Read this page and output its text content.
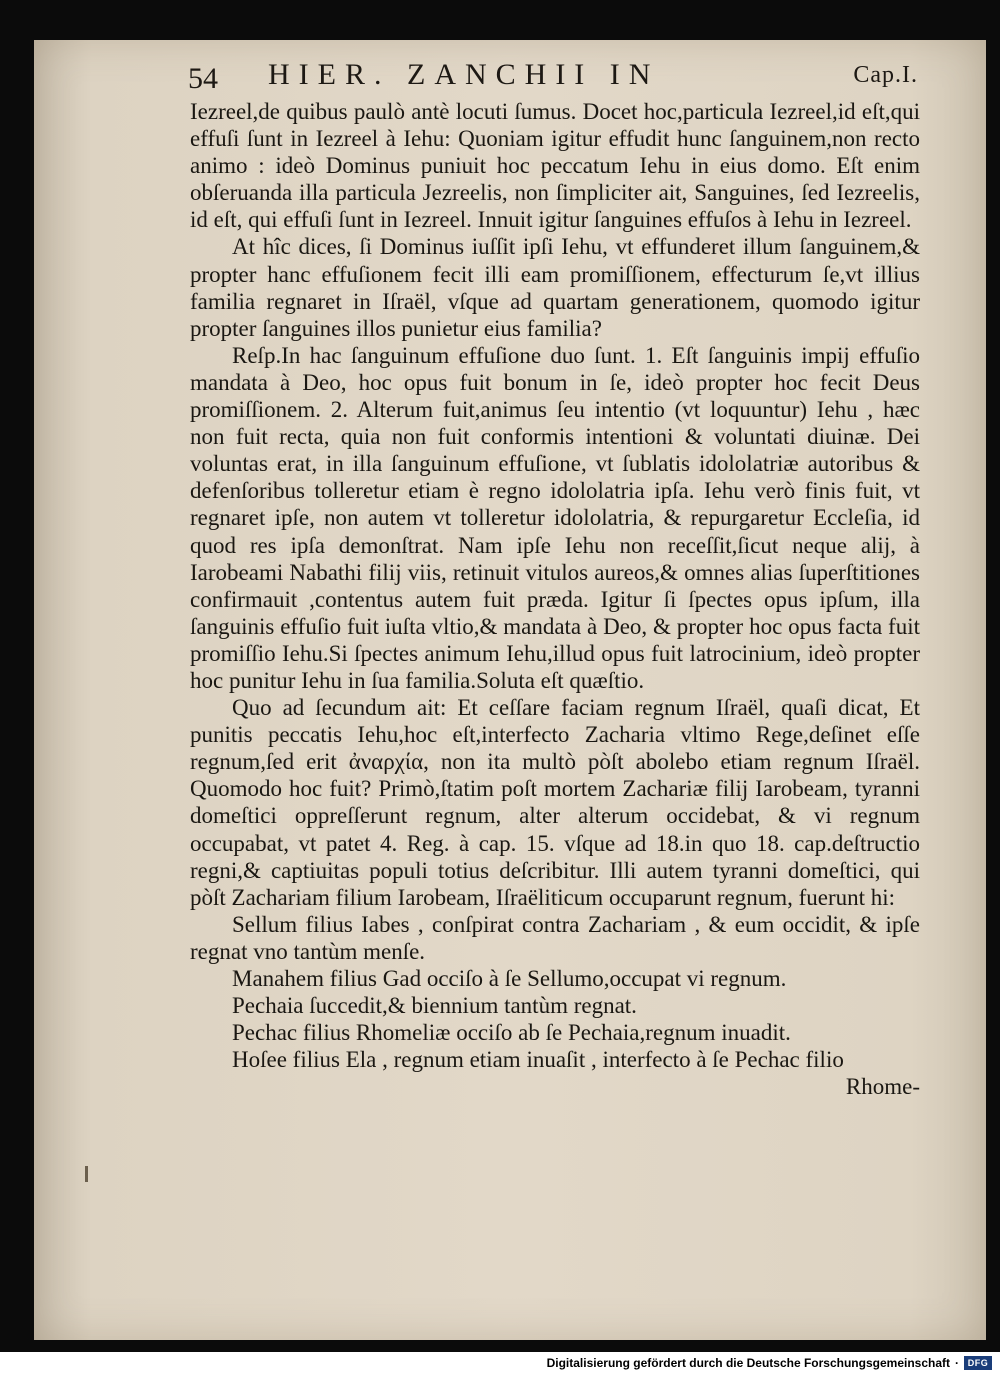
54 HIER. ZANCHII IN	Cap.I.

Iezreel,de quibus paulò antè locuti ſumus. Docet hoc,particula Iezreel,id eſt,qui effuſi ſunt in Iezreel à Iehu: Quoniam igitur effudit hunc ſanguinem,non recto animo : ideò Dominus puniuit hoc peccatum Iehu in eius domo. Eſt enim obſeruanda illa particula Jezreelis, non ſimpliciter ait, Sanguines, ſed Iezreelis, id eſt, qui effuſi ſunt in Iezreel. Innuit igitur ſanguines effuſos à Iehu in Iezreel.

At hîc dices, ſi Dominus iuſſit ipſi Iehu, vt effunderet illum ſanguinem,& propter hanc effuſionem fecit illi eam promiſſionem, effecturum ſe,vt illius familia regnaret in Iſraël, vſque ad quartam generationem, quomodo igitur propter ſanguines illos punietur eius familia?

Reſp.In hac ſanguinum effuſione duo ſunt. 1. Eſt ſanguinis impij effuſio mandata à Deo, hoc opus fuit bonum in ſe, ideò propter hoc fecit Deus promiſſionem. 2. Alterum fuit,animus ſeu intentio (vt loquuntur) Iehu , hæc non fuit recta, quia non fuit conformis intentioni & voluntati diuinæ. Dei voluntas erat, in illa ſanguinum effuſione, vt ſublatis idololatriæ autoribus & defenſoribus tolleretur etiam è regno idololatria ipſa. Iehu verò finis fuit, vt regnaret ipſe, non autem vt tolleretur idololatria, & repurgaretur Eccleſia, id quod res ipſa demonſtrat. Nam ipſe Iehu non receſſit,ſicut neque alij, à Iarobeami Nabathi filij viis, retinuit vitulos aureos,& omnes alias ſuperſtitiones confirmauit ,contentus autem fuit præda. Igitur ſi ſpectes opus ipſum, illa ſanguinis effuſio fuit iuſta vltio,& mandata à Deo, & propter hoc opus facta fuit promiſſio Iehu.Si ſpectes animum Iehu,illud opus fuit latrocinium, ideò propter hoc punitur Iehu in ſua familia.Soluta eſt quæſtio.

Quo ad ſecundum ait: Et ceſſare faciam regnum Iſraël, quaſi dicat, Et punitis peccatis Iehu,hoc eſt,interfecto Zacharia vltimo Rege,deſinet eſſe regnum,ſed erit ἀναρχία, non ita multò pòſt abolebo etiam regnum Iſraël. Quomodo hoc fuit? Primò,ſtatim poſt mortem Zachariæ filij Iarobeam, tyranni domeſtici oppreſſerunt regnum, alter alterum occidebat, & vi regnum occupabat, vt patet 4. Reg. à cap. 15. vſque ad 18.in quo 18. cap.deſtructio regni,& captiuitas populi totius deſcribitur. Illi autem tyranni domeſtici, qui pòſt Zachariam filium Iarobeam, Iſraëliticum occuparunt regnum, fuerunt hi:

Sellum filius Iabes , conſpirat contra Zachariam , & eum occidit, & ipſe regnat vno tantùm menſe.

Manahem filius Gad occiſo à ſe Sellumo,occupat vi regnum.

Pechaia ſuccedit,& biennium tantùm regnat.

Pechac filius Rhomeliæ occiſo ab ſe Pechaia,regnum inuadit.

Hoſee filius Ela , regnum etiam inuaſit , interfecto à ſe Pechac filio

Rhome-

Digitalisierung gefördert durch die Deutsche Forschungsgemeinschaft · DFG
